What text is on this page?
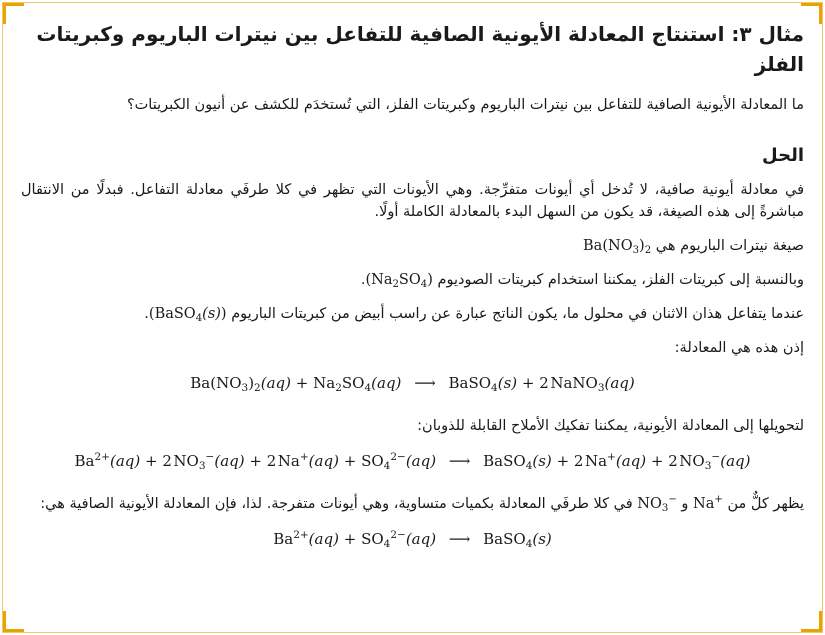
مثال ٣: استنتاج المعادلة الأيونية الصافية للتفاعل بين نيترات الباريوم وكبريتات الفلز

ما المعادلة الأيونية الصافية للتفاعل بين نيترات الباريوم وكبريتات الفلز، التي تُستخدَم للكشف عن أنيون الكبريتات؟

الحل

في معادلة أيونية صافية، لا تُدخل أي أيونات متفرِّجة. وهي الأيونات التي تظهر في كلا طرفَي معادلة التفاعل. فبدلًا من الانتقال مباشرةً إلى هذه الصيغة، قد يكون من السهل البدء بالمعادلة الكاملة أولًا.

صيغة نيترات الباريوم هي $Ba(NO_3)_2$

وبالنسبة إلى كبريتات الفلز، يمكننا استخدام كبريتات الصوديوم $(Na_2SO_4)$.

عندما يتفاعل هذان الاثنان في محلول ما، يكون الناتج عبارة عن راسب أبيض من كبريتات الباريوم (BaSO$_4$(s)).

إذن هذه هي المعادلة:

$Ba(NO_3)_2(aq) + Na_2SO_4(aq)$ ⟶ BaSO$_4$(s) + 2  NaNO$_3$(aq)

لتحويلها إلى المعادلة الأيونية، يمكننا تفكيك الأملاح القابلة للذوبان:

$Ba^{2+}(aq) + 2$  $NO_3^-(aq) + 2$  $Na^+(aq) + SO_4^{2-}(aq)$ ⟶ BaSO$_4$(s) + 2  Na+(aq) + 2  $NO_3^-(aq)$

يظهر كلٌّ من Na+ و $NO_3^-$ في كلا طرفَي المعادلة بكميات متساوية، وهي أيونات متفرجة. لذا، فإن المعادلة الأيونية الصافية هي:

$Ba^{2+}(aq) + SO_4^{2-}(aq)$ ⟶ BaSO$_4$(s)
